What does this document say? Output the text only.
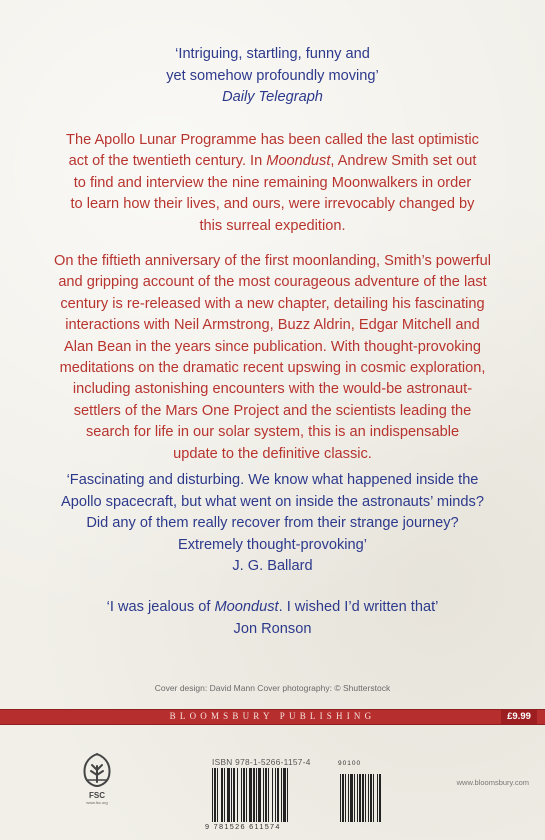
‘Intriguing, startling, funny and
yet somehow profoundly moving’
Daily Telegraph
The Apollo Lunar Programme has been called the last optimistic
act of the twentieth century. In Moondust, Andrew Smith set out
to find and interview the nine remaining Moonwalkers in order
to learn how their lives, and ours, were irrevocably changed by
this surreal expedition.
On the fiftieth anniversary of the first moonlanding, Smith’s powerful
and gripping account of the most courageous adventure of the last
century is re-released with a new chapter, detailing his fascinating
interactions with Neil Armstrong, Buzz Aldrin, Edgar Mitchell and
Alan Bean in the years since publication. With thought-provoking
meditations on the dramatic recent upswing in cosmic exploration,
including astonishing encounters with the would-be astronaut-
settlers of the Mars One Project and the scientists leading the
search for life in our solar system, this is an indispensable
update to the definitive classic.
‘Fascinating and disturbing. We know what happened inside the
Apollo spacecraft, but what went on inside the astronauts’ minds?
Did any of them really recover from their strange journey?
Extremely thought-provoking’
J. G. Ballard
‘I was jealous of Moondust. I wished I’d written that’
Jon Ronson
Cover design: David Mann Cover photography: © Shutterstock
BLOOMSBURY PUBLISHING	£9.99
FSC
www.fsc.org
ISBN 978-1-5266-1157-4	90100
9 781526 611574
www.bloomsbury.com
